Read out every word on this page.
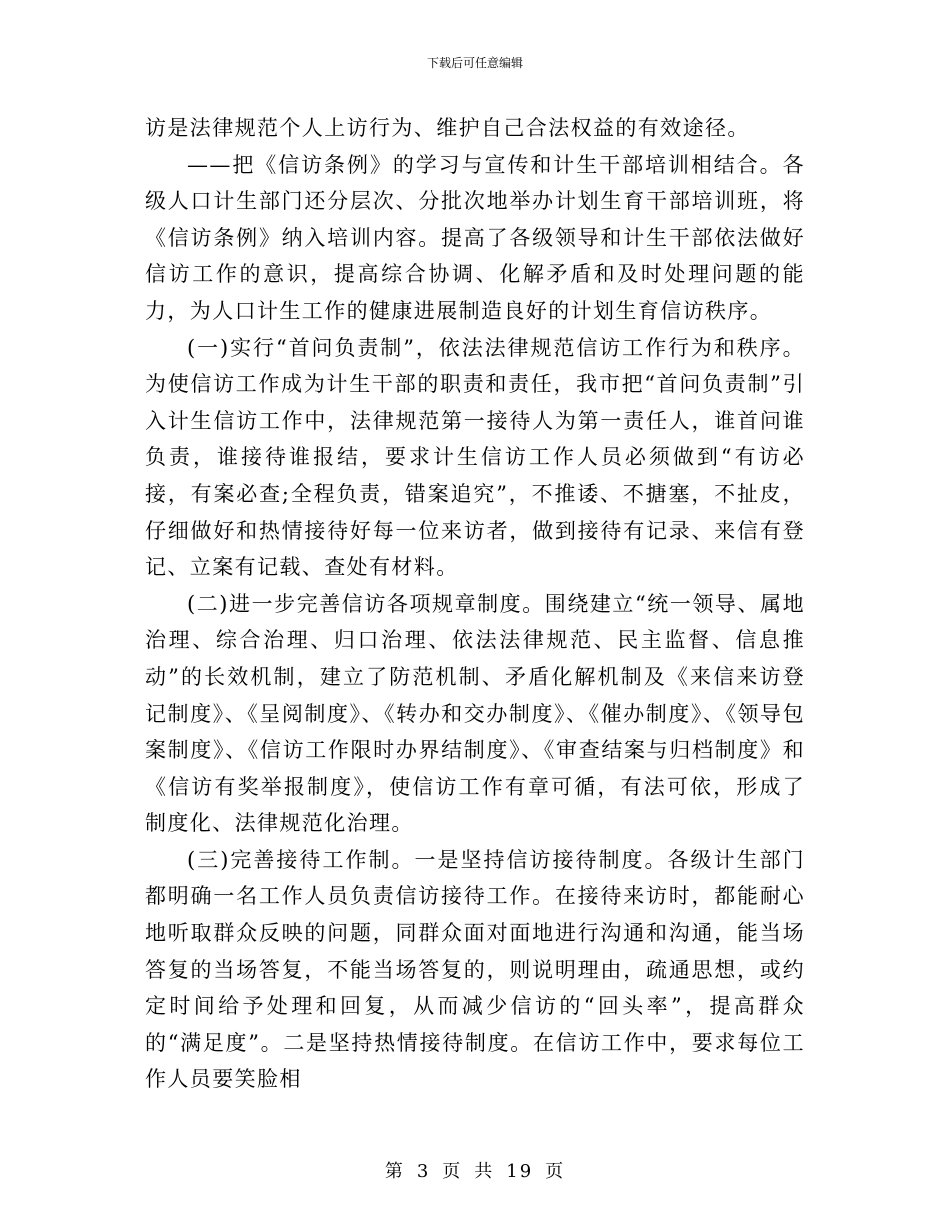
下载后可任意编辑

访是法律规范个人上访行为、维护自己合法权益的有效途径。

——把《信访条例》的学习与宣传和计生干部培训相结合。各级人口计生部门还分层次、分批次地举办计划生育干部培训班，将《信访条例》纳入培训内容。提高了各级领导和计生干部依法做好信访工作的意识，提高综合协调、化解矛盾和及时处理问题的能力，为人口计生工作的健康进展制造良好的计划生育信访秩序。

(一)实行“首问负责制”，依法法律规范信访工作行为和秩序。为使信访工作成为计生干部的职责和责任，我市把“首问负责制”引入计生信访工作中，法律规范第一接待人为第一责任人，谁首问谁负责，谁接待谁报结，要求计生信访工作人员必须做到“有访必接，有案必查;全程负责，错案追究”，不推诿、不搪塞，不扯皮，仔细做好和热情接待好每一位来访者，做到接待有记录、来信有登记、立案有记载、查处有材料。

(二)进一步完善信访各项规章制度。围绕建立“统一领导、属地治理、综合治理、归口治理、依法法律规范、民主监督、信息推动”的长效机制，建立了防范机制、矛盾化解机制及《来信来访登记制度》、《呈阅制度》、《转办和交办制度》、《催办制度》、《领导包案制度》、《信访工作限时办界结制度》、《审查结案与归档制度》和《信访有奖举报制度》，使信访工作有章可循，有法可依，形成了制度化、法律规范化治理。

(三)完善接待工作制。一是坚持信访接待制度。各级计生部门都明确一名工作人员负责信访接待工作。在接待来访时，都能耐心地听取群众反映的问题，同群众面对面地进行沟通和沟通，能当场答复的当场答复，不能当场答复的，则说明理由，疏通思想，或约定时间给予处理和回复，从而减少信访的“回头率”，提高群众的“满足度”。二是坚持热情接待制度。在信访工作中，要求每位工作人员要笑脸相

第 3 页 共 19 页
